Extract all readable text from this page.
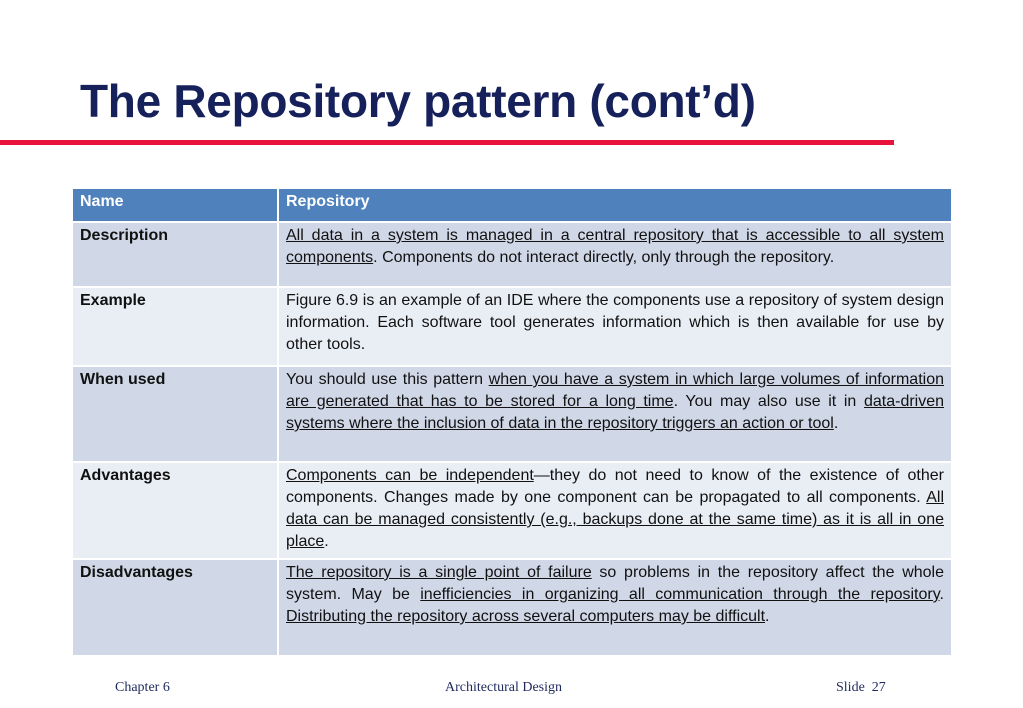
The Repository pattern (cont’d)
Name	Repository
Description	All data in a system is managed in a central repository that is accessible to all system components. Components do not interact directly, only through the repository.
Example	Figure 6.9 is an example of an IDE where the components use a repository of system design information. Each software tool generates information which is then available for use by other tools.
When used	You should use this pattern when you have a system in which large volumes of information are generated that has to be stored for a long time. You may also use it in data-driven systems where the inclusion of data in the repository triggers an action or tool.
Advantages	Components can be independent—they do not need to know of the existence of other components. Changes made by one component can be propagated to all components. All data can be managed consistently (e.g., backups done at the same time) as it is all in one place.
Disadvantages	The repository is a single point of failure so problems in the repository affect the whole system. May be inefficiencies in organizing all communication through the repository. Distributing the repository across several computers may be difficult.
Chapter 6	Architectural Design	Slide  27
